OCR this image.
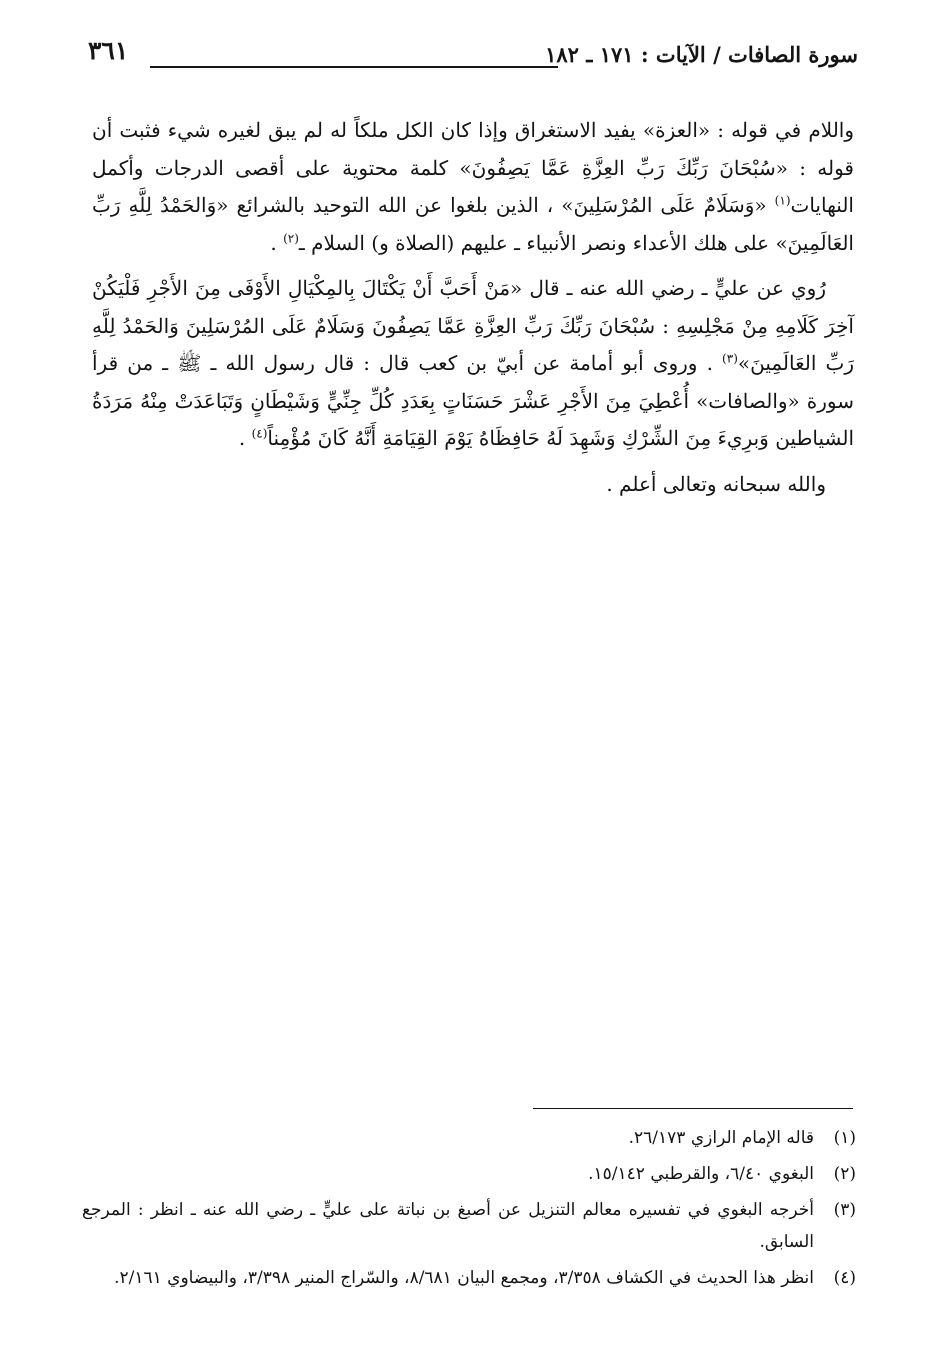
سورة الصافات / الآيات : ١٧١ ـ ١٨٢
٣٦١

واللام في قوله : «العزة» يفيد الاستغراق وإذا كان الكل ملكاً له لم يبق لغيره شيء فثبت أن قوله : «سُبْحَانَ رَبِّكَ رَبِّ العِزَّةِ عَمَّا يَصِفُونَ» كلمة محتوية على أقصى الدرجات وأكمل النهايات$^{(١)}$ «وَسَلَامٌ عَلَى المُرْسَلِينَ» ، الذين بلغوا عن الله التوحيد بالشرائع «وَالحَمْدُ لِلَّهِ رَبِّ العَالَمِينَ» على هلك الأعداء ونصر الأنبياء ـ عليهم (الصلاة و) السلام ـ$^{(٢)}$ .

رُوي عن عليٍّ ـ رضي الله عنه ـ قال «مَنْ أَحَبَّ أَنْ يَكْتَالَ بِالمِكْيَالِ الأَوْفَى مِنَ الأَجْرِ فَلْيَكُنْ آخِرَ كَلَامِهِ مِنْ مَجْلِسِهِ : سُبْحَانَ رَبِّكَ رَبِّ العِزَّةِ عَمَّا يَصِفُونَ وَسَلَامٌ عَلَى المُرْسَلِينَ وَالحَمْدُ لِلَّهِ رَبِّ العَالَمِينَ»$^{(٣)}$ . وروى أبو أمامة عن أبيّ بن كعب قال : قال رسول الله ـ ﷺ ـ من قرأ سورة «والصافات» أُعْطِيَ مِنَ الأَجْرِ عَشْرَ حَسَنَاتٍ بِعَدَدِ كُلِّ جِنِّيٍّ وَشَيْطَانٍ وَتَبَاعَدَتْ مِنْهُ مَرَدَةُ الشياطين وَبرِيءَ مِنَ الشِّرْكِ وَشَهِدَ لَهُ حَافِظَاهُ يَوْمَ القِيَامَةِ أَنَّهُ كَانَ مُؤْمِناً$^{(٤)}$ .

والله سبحانه وتعالى أعلم .

(١)
قاله الإمام الرازي ٢٦/١٧٣.
(٢)
البغوي ٦/٤٠، والقرطبي ١٥/١٤٢.
(٣)
أخرجه البغوي في تفسيره معالم التنزيل عن أصبغ بن نباتة على عليٍّ ـ رضي الله عنه ـ انظر : المرجع السابق.
(٤)
انظر هذا الحديث في الكشاف ٣/٣٥٨، ومجمع البيان ٨/٦٨١، والسّراج المنير ٣/٣٩٨، والبيضاوي ٢/١٦١.
